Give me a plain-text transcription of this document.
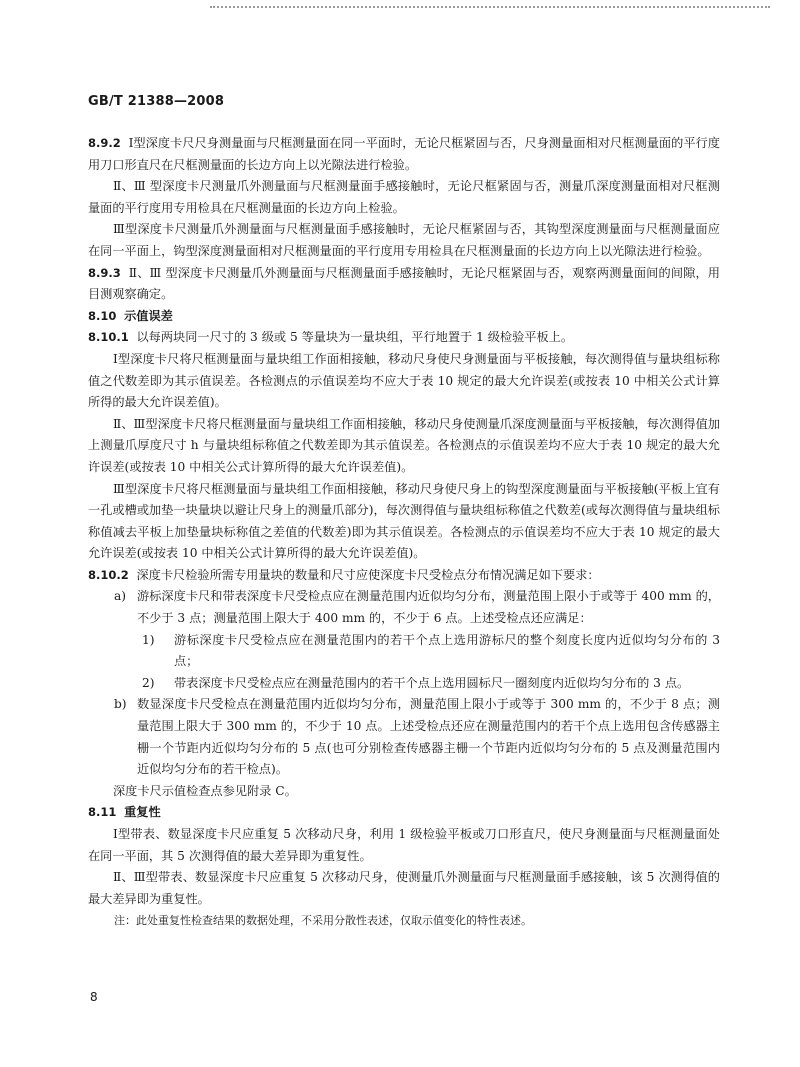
GB/T 21388—2008

8.9.2 Ⅰ型深度卡尺尺身测量面与尺框测量面在同一平面时，无论尺框紧固与否，尺身测量面相对尺框测量面的平行度用刀口形直尺在尺框测量面的长边方向上以光隙法进行检验。

Ⅱ、Ⅲ 型深度卡尺测量爪外测量面与尺框测量面手感接触时，无论尺框紧固与否，测量爪深度测量面相对尺框测量面的平行度用专用检具在尺框测量面的长边方向上检验。

Ⅲ型深度卡尺测量爪外测量面与尺框测量面手感接触时，无论尺框紧固与否，其钩型深度测量面与尺框测量面应在同一平面上，钩型深度测量面相对尺框测量面的平行度用专用检具在尺框测量面的长边方向上以光隙法进行检验。

8.9.3 Ⅱ、Ⅲ 型深度卡尺测量爪外测量面与尺框测量面手感接触时，无论尺框紧固与否，观察两测量面间的间隙，用目测观察确定。

8.10 示值误差

8.10.1 以每两块同一尺寸的 3 级或 5 等量块为一量块组，平行地置于 1 级检验平板上。

Ⅰ型深度卡尺将尺框测量面与量块组工作面相接触，移动尺身使尺身测量面与平板接触，每次测得值与量块组标称值之代数差即为其示值误差。各检测点的示值误差均不应大于表 10 规定的最大允许误差(或按表 10 中相关公式计算所得的最大允许误差值)。

Ⅱ、Ⅲ型深度卡尺将尺框测量面与量块组工作面相接触，移动尺身使测量爪深度测量面与平板接触，每次测得值加上测量爪厚度尺寸 h 与量块组标称值之代数差即为其示值误差。各检测点的示值误差均不应大于表 10 规定的最大允许误差(或按表 10 中相关公式计算所得的最大允许误差值)。

Ⅲ型深度卡尺将尺框测量面与量块组工作面相接触，移动尺身使尺身上的钩型深度测量面与平板接触(平板上宜有一孔或槽或加垫一块量块以避让尺身上的测量爪部分)，每次测得值与量块组标称值之代数差(或每次测得值与量块组标称值减去平板上加垫量块标称值之差值的代数差)即为其示值误差。各检测点的示值误差均不应大于表 10 规定的最大允许误差(或按表 10 中相关公式计算所得的最大允许误差值)。

8.10.2 深度卡尺检验所需专用量块的数量和尺寸应使深度卡尺受检点分布情况满足如下要求：

a) 游标深度卡尺和带表深度卡尺受检点应在测量范围内近似均匀分布，测量范围上限小于或等于 400 mm 的，不少于 3 点；测量范围上限大于 400 mm 的，不少于 6 点。上述受检点还应满足：
1)	游标深度卡尺受检点应在测量范围内的若干个点上选用游标尺的整个刻度长度内近似均匀分布的 3 点；
2)	带表深度卡尺受检点应在测量范围内的若干个点上选用圆标尺一圈刻度内近似均匀分布的 3 点。
b) 数显深度卡尺受检点在测量范围内近似均匀分布，测量范围上限小于或等于 300 mm 的，不少于 8 点；测量范围上限大于 300 mm 的，不少于 10 点。上述受检点还应在测量范围内的若干个点上选用包含传感器主栅一个节距内近似均匀分布的 5 点(也可分别检查传感器主栅一个节距内近似均匀分布的 5 点及测量范围内近似均匀分布的若干检点)。

深度卡尺示值检查点参见附录 C。

8.11 重复性

Ⅰ型带表、数显深度卡尺应重复 5 次移动尺身，利用 1 级检验平板或刀口形直尺，使尺身测量面与尺框测量面处在同一平面，其 5 次测得值的最大差异即为重复性。

Ⅱ、Ⅲ型带表、数显深度卡尺应重复 5 次移动尺身，使测量爪外测量面与尺框测量面手感接触，该 5 次测得值的最大差异即为重复性。

注：此处重复性检查结果的数据处理，不采用分散性表述，仅取示值变化的特性表述。

8
